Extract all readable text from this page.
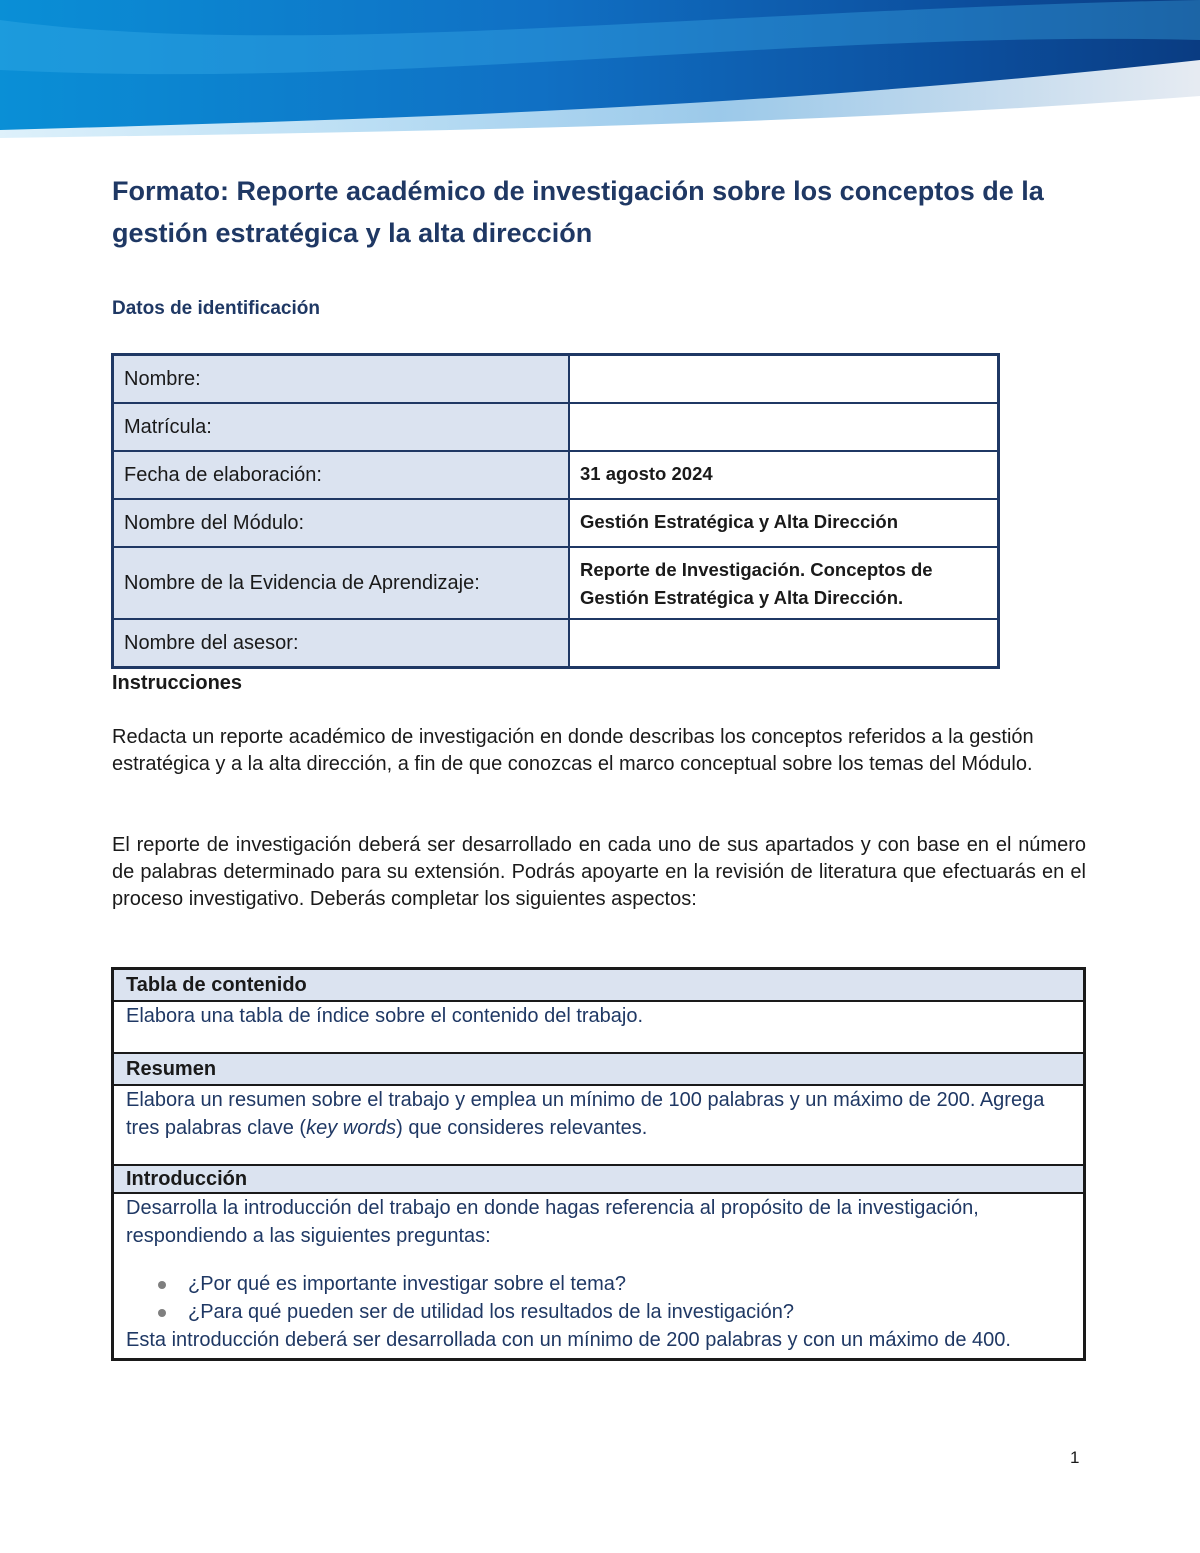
Formato: Reporte académico de investigación sobre los conceptos de la gestión estratégica y la alta dirección

Datos de identificación

Nombre:	
Matrícula:	
Fecha de elaboración:	31 agosto 2024
Nombre del Módulo:	Gestión Estratégica y Alta Dirección
Nombre de la Evidencia de Aprendizaje:	Reporte de Investigación. Conceptos de Gestión Estratégica y Alta Dirección.
Nombre del asesor:	

Instrucciones

Redacta un reporte académico de investigación en donde describas los conceptos referidos a la gestión estratégica y a la alta dirección, a fin de que conozcas el marco conceptual sobre los temas del Módulo.

El reporte de investigación deberá ser desarrollado en cada uno de sus apartados y con base en el número de palabras determinado para su extensión. Podrás apoyarte en la revisión de literatura que efectuarás en el proceso investigativo. Deberás completar los siguientes aspectos:

Tabla de contenido
Elabora una tabla de índice sobre el contenido del trabajo.
Resumen
Elabora un resumen sobre el trabajo y emplea un mínimo de 100 palabras y un máximo de 200. Agrega tres palabras clave (key words) que consideres relevantes.
Introducción

Desarrolla la introducción del trabajo en donde hagas referencia al propósito de la investigación, respondiendo a las siguientes preguntas:
¿Por qué es importante investigar sobre el tema?
¿Para qué pueden ser de utilidad los resultados de la investigación?
Esta introducción deberá ser desarrollada con un mínimo de 200 palabras y con un máximo de 400.
1
